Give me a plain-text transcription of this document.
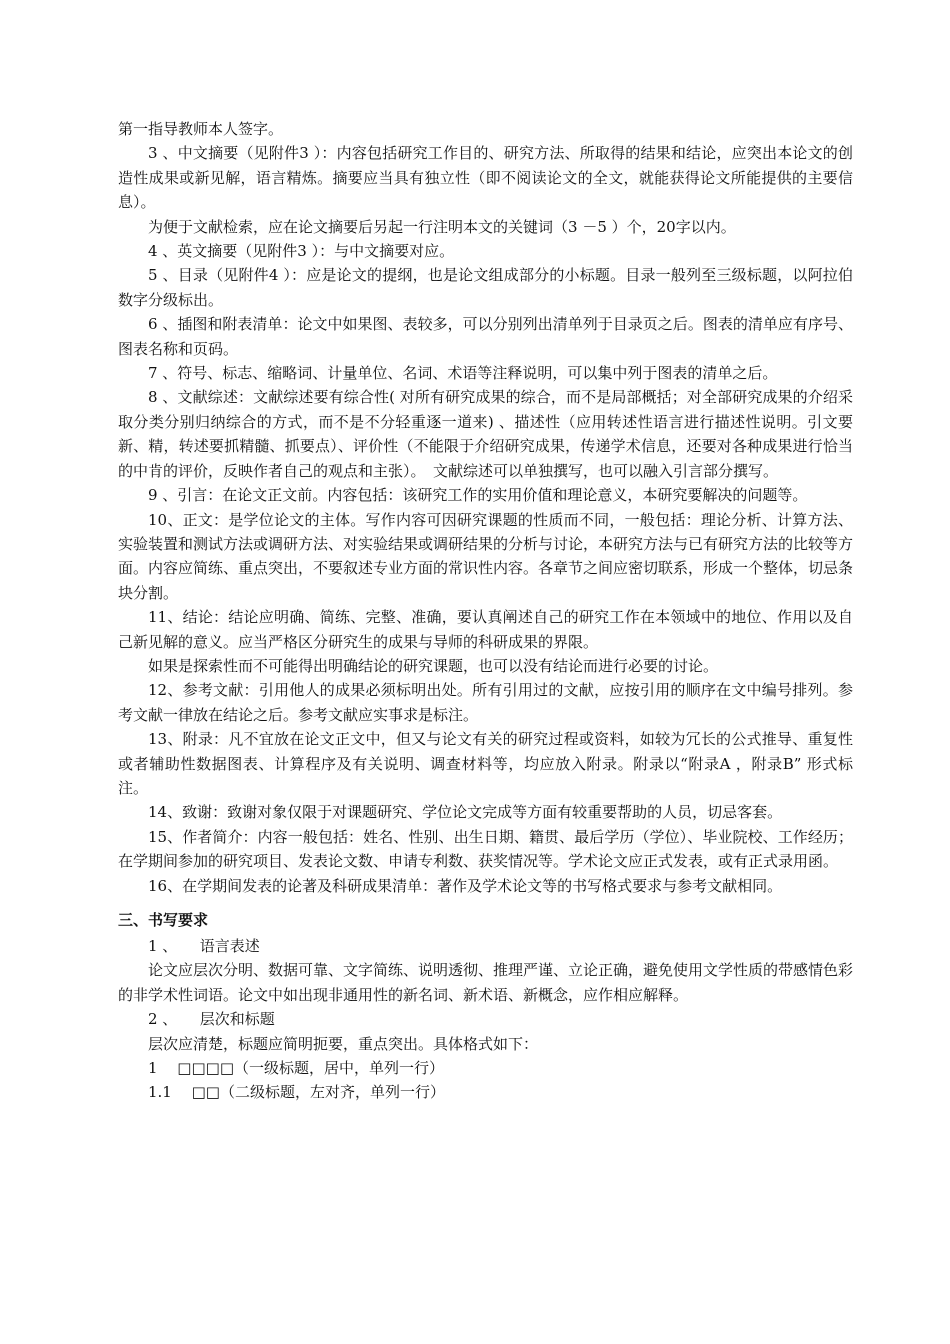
第一指导教师本人签字。

3 、中文摘要（见附件3 ）：内容包括研究工作目的、研究方法、所取得的结果和结论，应突出本论文的创造性成果或新见解，语言精炼。摘要应当具有独立性（即不阅读论文的全文，就能获得论文所能提供的主要信息）。

为便于文献检索，应在论文摘要后另起一行注明本文的关键词（3 －5 ）个，20字以内。

4 、英文摘要（见附件3 ）：与中文摘要对应。

5 、目录（见附件4 ）：应是论文的提纲，也是论文组成部分的小标题。目录一般列至三级标题，以阿拉伯数字分级标出。

6 、插图和附表清单：论文中如果图、表较多，可以分别列出清单列于目录页之后。图表的清单应有序号、图表名称和页码。

7 、符号、标志、缩略词、计量单位、名词、术语等注释说明，可以集中列于图表的清单之后。

8 、文献综述：文献综述要有综合性( 对所有研究成果的综合，而不是局部概括；对全部研究成果的介绍采取分类分别归纳综合的方式，而不是不分轻重逐一道来) 、描述性（应用转述性语言进行描述性说明。引文要新、精，转述要抓精髓、抓要点）、评价性（不能限于介绍研究成果，传递学术信息，还要对各种成果进行恰当的中肯的评价，反映作者自己的观点和主张）。　文献综述可以单独撰写，也可以融入引言部分撰写。

9 、引言：在论文正文前。内容包括：该研究工作的实用价值和理论意义，本研究要解决的问题等。

10、正文：是学位论文的主体。写作内容可因研究课题的性质而不同，一般包括：理论分析、计算方法、实验装置和测试方法或调研方法、对实验结果或调研结果的分析与讨论，本研究方法与已有研究方法的比较等方面。内容应简练、重点突出，不要叙述专业方面的常识性内容。各章节之间应密切联系，形成一个整体，切忌条块分割。

11、结论：结论应明确、简练、完整、准确，要认真阐述自己的研究工作在本领域中的地位、作用以及自己新见解的意义。应当严格区分研究生的成果与导师的科研成果的界限。

如果是探索性而不可能得出明确结论的研究课题，也可以没有结论而进行必要的讨论。

12、参考文献：引用他人的成果必须标明出处。所有引用过的文献，应按引用的顺序在文中编号排列。参考文献一律放在结论之后。参考文献应实事求是标注。

13、附录：凡不宜放在论文正文中，但又与论文有关的研究过程或资料，如较为冗长的公式推导、重复性或者辅助性数据图表、计算程序及有关说明、调查材料等，均应放入附录。附录以“附录A ，附录B” 形式标注。

14、致谢：致谢对象仅限于对课题研究、学位论文完成等方面有较重要帮助的人员，切忌客套。

15、作者简介：内容一般包括：姓名、性别、出生日期、籍贯、最后学历（学位）、毕业院校、工作经历；在学期间参加的研究项目、发表论文数、申请专利数、获奖情况等。学术论文应正式发表，或有正式录用函。

16、在学期间发表的论著及科研成果清单：著作及学术论文等的书写格式要求与参考文献相同。

三、书写要求

1 、　　语言表述

论文应层次分明、数据可靠、文字简练、说明透彻、推理严谨、立论正确，避免使用文学性质的带感情色彩的非学术性词语。论文中如出现非通用性的新名词、新术语、新概念，应作相应解释。

2 、　　层次和标题

层次应清楚，标题应简明扼要，重点突出。具体格式如下：

1　 □□□□（一级标题，居中，单列一行）

1.1　 □□（二级标题，左对齐，单列一行）
